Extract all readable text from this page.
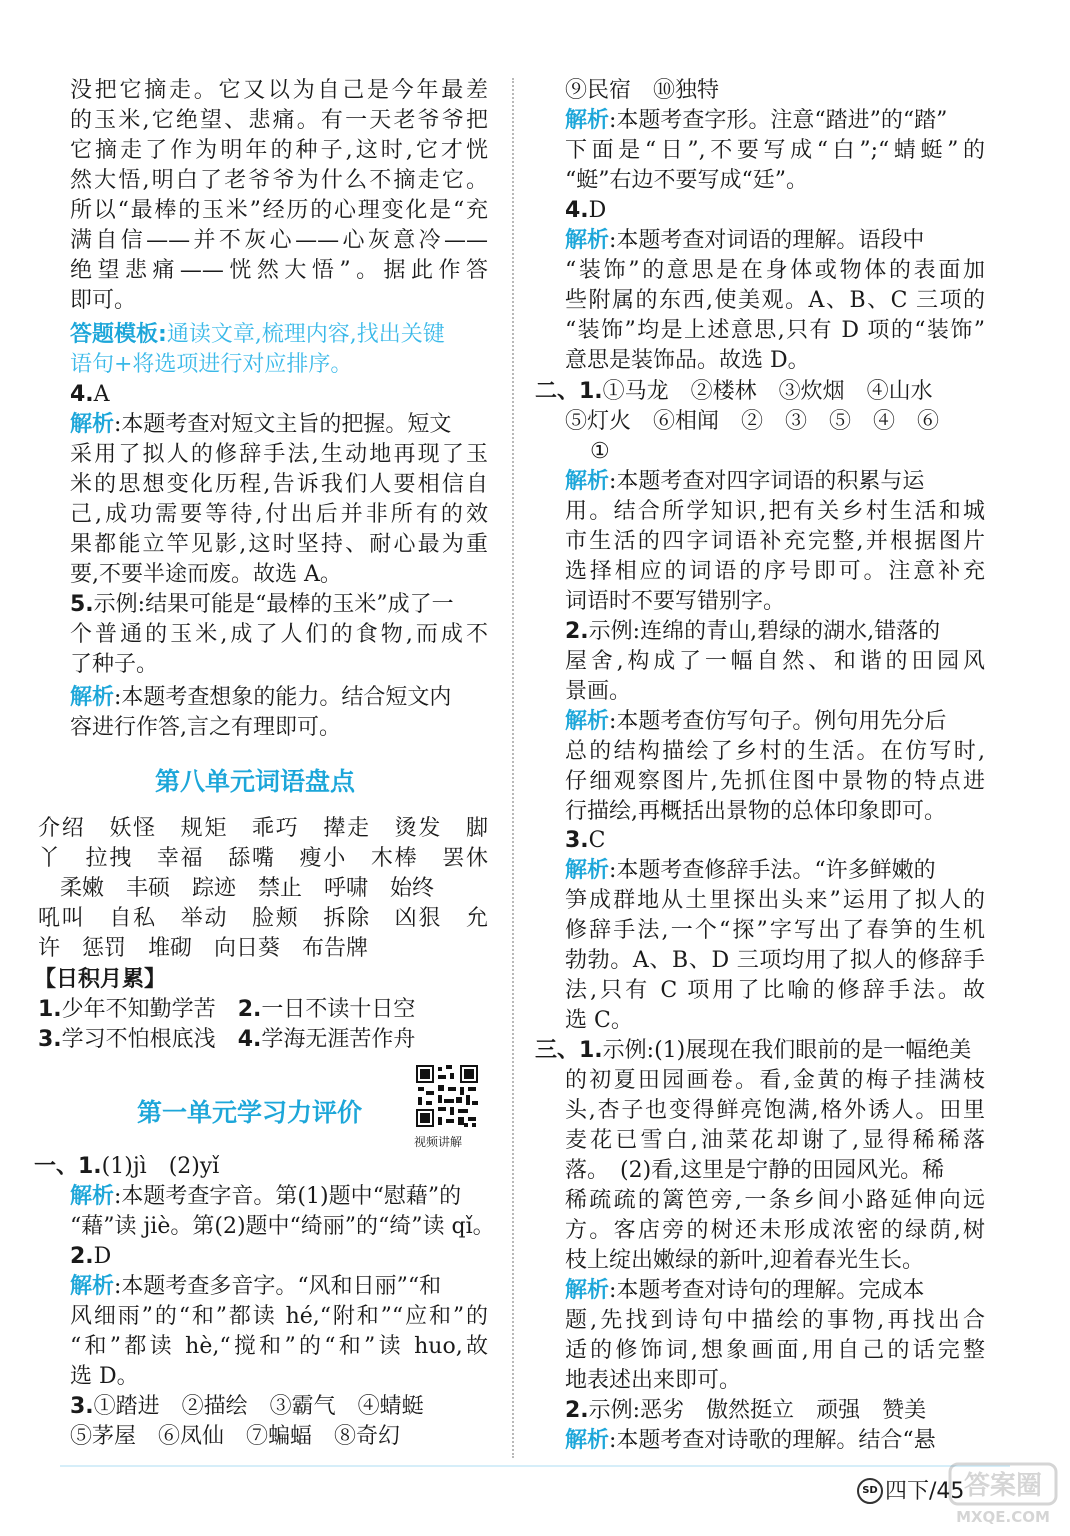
没把它摘走。它又以为自己是今年最差
的玉米,它绝望、悲痛。有一天老爷爷把
它摘走了作为明年的种子,这时,它才恍
然大悟,明白了老爷爷为什么不摘走它。
所以“最棒的玉米”经历的心理变化是“充
满自信——并不灰心——心灰意冷——
绝望悲痛——恍然大悟”。据此作答
即可。
答题模板:通读文章,梳理内容,找出关键
语句+将选项进行对应排序。
4.A
解析:本题考查对短文主旨的把握。短文
采用了拟人的修辞手法,生动地再现了玉
米的思想变化历程,告诉我们人要相信自
己,成功需要等待,付出后并非所有的效
果都能立竿见影,这时坚持、耐心最为重
要,不要半途而废。故选 A。
5.示例:结果可能是“最棒的玉米”成了一
个普通的玉米,成了人们的食物,而成不
了种子。
解析:本题考查想象的能力。结合短文内
容进行作答,言之有理即可。
第八单元词语盘点
介绍　妖怪　规矩　乖巧　撵走　烫发　脚
丫　拉拽　幸福　舔嘴　瘦小　木棒　罢休
　柔嫩　丰硕　踪迹　禁止　呼啸　始终
吼叫　自私　举动　脸颊　拆除　凶狠　允
许　惩罚　堆砌　向日葵　布告牌
【日积月累】
1.少年不知勤学苦 2.一日不读十日空
3.学习不怕根底浅 4.学海无涯苦作舟
第一单元学习力评价
视频讲解
一、1.(1)jì　(2)yǐ
解析:本题考查字音。第(1)题中“慰藉”的
“藉”读 jiè。第(2)题中“绮丽”的“绮”读 qǐ。
2.D
解析:本题考查多音字。“风和日丽”“和
风细雨”的“和”都读 hé,“附和”“应和”的
“和”都读 hè,“搅和”的“和”读 huo,故
选 D。
3.①踏进　②描绘　③霸气　④蜻蜓
⑤茅屋　⑥凤仙　⑦蝙蝠　⑧奇幻
⑨民宿　⑩独特
解析:本题考查字形。注意“踏进”的“踏”
下面是“日”,不要写成“白”;“蜻蜓”的
“蜓”右边不要写成“廷”。
4.D
解析:本题考查对词语的理解。语段中
“装饰”的意思是在身体或物体的表面加
些附属的东西,使美观。A、B、C 三项的
“装饰”均是上述意思,只有 D 项的“装饰”
意思是装饰品。故选 D。
二、1.①马龙　②楼林　③炊烟　④山水
⑤灯火　⑥相闻　②　③　⑤　④　⑥
①
解析:本题考查对四字词语的积累与运
用。结合所学知识,把有关乡村生活和城
市生活的四字词语补充完整,并根据图片
选择相应的词语的序号即可。注意补充
词语时不要写错别字。
2.示例:连绵的青山,碧绿的湖水,错落的
屋舍,构成了一幅自然、和谐的田园风
景画。
解析:本题考查仿写句子。例句用先分后
总的结构描绘了乡村的生活。在仿写时,
仔细观察图片,先抓住图中景物的特点进
行描绘,再概括出景物的总体印象即可。
3.C
解析:本题考查修辞手法。“许多鲜嫩的
笋成群地从土里探出头来”运用了拟人的
修辞手法,一个“探”字写出了春笋的生机
勃勃。A、B、D 三项均用了拟人的修辞手
法,只有 C 项用了比喻的修辞手法。故
选 C。
三、1.示例:(1)展现在我们眼前的是一幅绝美
的初夏田园画卷。看,金黄的梅子挂满枝
头,杏子也变得鲜亮饱满,格外诱人。田里
麦花已雪白,油菜花却谢了,显得稀稀落
落。　(2)看,这里是宁静的田园风光。稀
稀疏疏的篱笆旁,一条乡间小路延伸向远
方。客店旁的树还未形成浓密的绿荫,树
枝上绽出嫩绿的新叶,迎着春光生长。
解析:本题考查对诗句的理解。完成本
题,先找到诗句中描绘的事物,再找出合
适的修饰词,想象画面,用自己的话完整
地表述出来即可。
2.示例:恶劣　傲然挺立　顽强　赞美
解析:本题考查对诗歌的理解。结合“悬
SD 四下/45 答案圈
MXQE.COM
